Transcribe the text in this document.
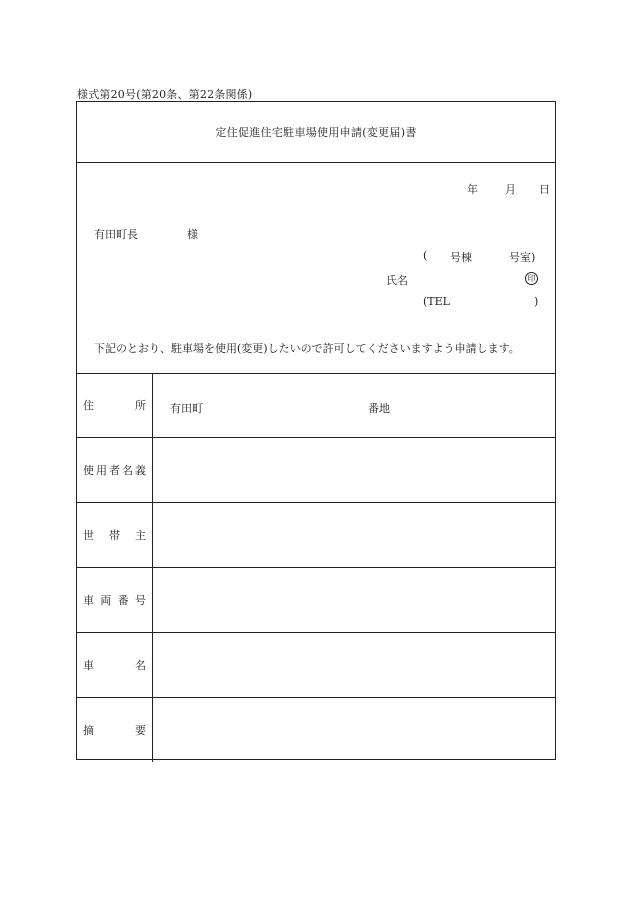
様式第20号(第20条、第22条関係)
定住促進住宅駐車場使用申請(変更届)書
年 月 日
有田町長	様
( 号棟	号室)
氏名	印
(TEL	)
下記のとおり、駐車場を使用(変更)したいので許可してくださいますよう申請します。
住	所 有田町	番地
使 用 者 名 義
世 帯 主
車 両 番 号
車	名
摘	要
